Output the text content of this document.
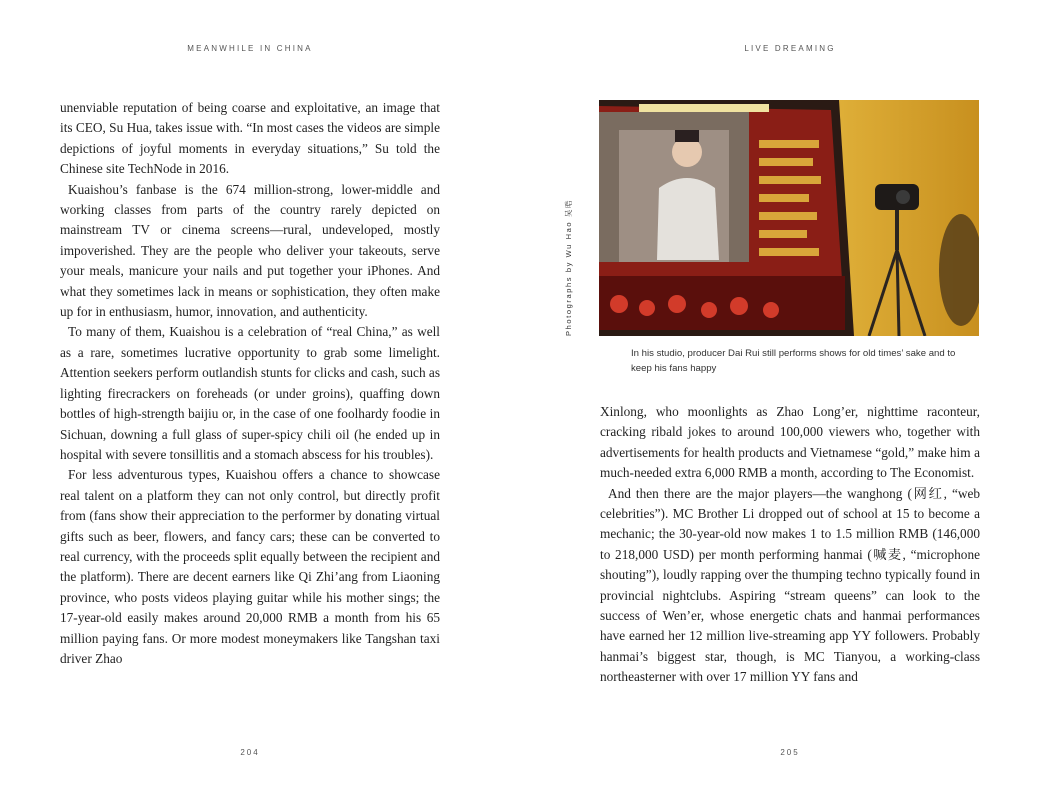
MEANWHILE IN CHINA	LIVE DREAMING

unenviable reputation of being coarse and exploitative, an image that its CEO, Su Hua, takes issue with. “In most cases the videos are simple depictions of joyful moments in everyday situations,” Su told the Chinese site TechNode in 2016.

Kuaishou’s fanbase is the 674 million-strong, lower-middle and working classes from parts of the country rarely depicted on mainstream TV or cinema screens—rural, undeveloped, mostly impoverished. They are the people who deliver your takeouts, serve your meals, manicure your nails and put together your iPhones. And what they sometimes lack in means or sophistication, they often make up for in enthusiasm, humor, innovation, and authenticity.

To many of them, Kuaishou is a celebration of “real China,” as well as a rare, sometimes lucrative opportunity to grab some limelight. Attention seekers perform outlandish stunts for clicks and cash, such as lighting firecrackers on foreheads (or under groins), quaffing down bottles of high-strength baijiu or, in the case of one foolhardy foodie in Sichuan, downing a full glass of super-spicy chili oil (he ended up in hospital with severe tonsillitis and a stomach abscess for his troubles).

For less adventurous types, Kuaishou offers a chance to showcase real talent on a platform they can not only control, but directly profit from (fans show their appreciation to the performer by donating virtual gifts such as beer, flowers, and fancy cars; these can be converted to real currency, with the proceeds split equally between the recipient and the platform). There are decent earners like Qi Zhi’ang from Liaoning province, who posts videos playing guitar while his mother sings; the 17-year-old easily makes around 20,000 RMB a month from his 65 million paying fans. Or more modest moneymakers like Tangshan taxi driver Zhao

Photographs by Wu Hao 吴晧
In his studio, producer Dai Rui still performs shows for old times’ sake and to keep his fans happy

Xinlong, who moonlights as Zhao Long’er, nighttime raconteur, cracking ribald jokes to around 100,000 viewers who, together with advertisements for health products and Vietnamese “gold,” make him a much-needed extra 6,000 RMB a month, according to The Economist.

And then there are the major players—the wanghong (网红, “web celebrities”). MC Brother Li dropped out of school at 15 to become a mechanic; the 30-year-old now makes 1 to 1.5 million RMB (146,000 to 218,000 USD) per month performing hanmai (喊麦, “microphone shouting”), loudly rapping over the thumping techno typically found in provincial nightclubs. Aspiring “stream queens” can look to the success of Wen’er, whose energetic chats and hanmai performances have earned her 12 million live-streaming app YY followers. Probably hanmai’s biggest star, though, is MC Tianyou, a working-class northeasterner with over 17 million YY fans and

204	205
